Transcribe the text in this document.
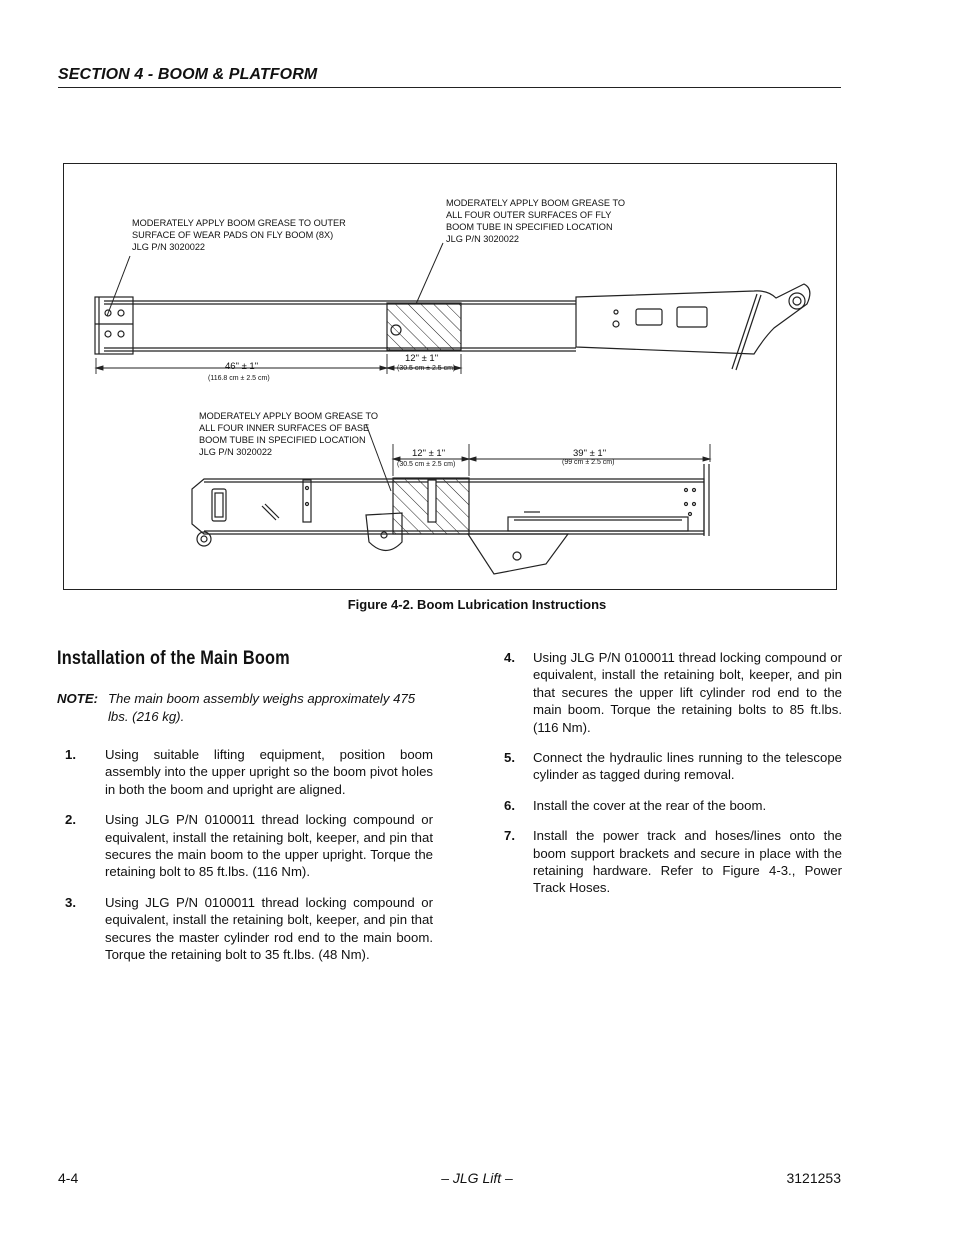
SECTION 4 - BOOM & PLATFORM
MODERATELY APPLY BOOM GREASE TO OUTER SURFACE OF WEAR PADS ON FLY BOOM (8X) JLG P/N 3020022
MODERATELY APPLY BOOM GREASE TO ALL FOUR OUTER SURFACES OF FLY BOOM TUBE IN SPECIFIED LOCATION JLG P/N 3020022
46" ± 1"
(116.8 cm ± 2.5 cm)
12" ± 1"
(30.5 cm ± 2.5 cm)
MODERATELY APPLY BOOM GREASE TO ALL FOUR INNER SURFACES OF BASE BOOM TUBE IN SPECIFIED LOCATION JLG P/N 3020022	12" ± 1"
(30.5 cm ± 2.5 cm)
39" ± 1"
(99 cm ± 2.5 cm)
Figure 4-2. Boom Lubrication Instructions
Installation of the Main Boom
NOTE: The main boom assembly weighs approximately 475 lbs. (216 kg).
1.	Using suitable lifting equipment, position boom assembly into the upper upright so the boom pivot holes in both the boom and upright are aligned.
2.	Using JLG P/N 0100011 thread locking compound or equivalent, install the retaining bolt, keeper, and pin that secures the main boom to the upper upright. Torque the retaining bolt to 85 ft.lbs. (116 Nm).
3.	Using JLG P/N 0100011 thread locking compound or equivalent, install the retaining bolt, keeper, and pin that secures the master cylinder rod end to the main boom. Torque the retaining bolt to 35 ft.lbs. (48 Nm).
4.	Using JLG P/N 0100011 thread locking compound or equivalent, install the retaining bolt, keeper, and pin that secures the upper lift cylinder rod end to the main boom. Torque the retaining bolts to 85 ft.lbs. (116 Nm).
5.	Connect the hydraulic lines running to the telescope cylinder as tagged during removal.
6.	Install the cover at the rear of the boom.
7.	Install the power track and hoses/lines onto the boom support brackets and secure in place with the retaining hardware. Refer to Figure 4-3., Power Track Hoses.
4-4	– JLG Lift –	3121253
